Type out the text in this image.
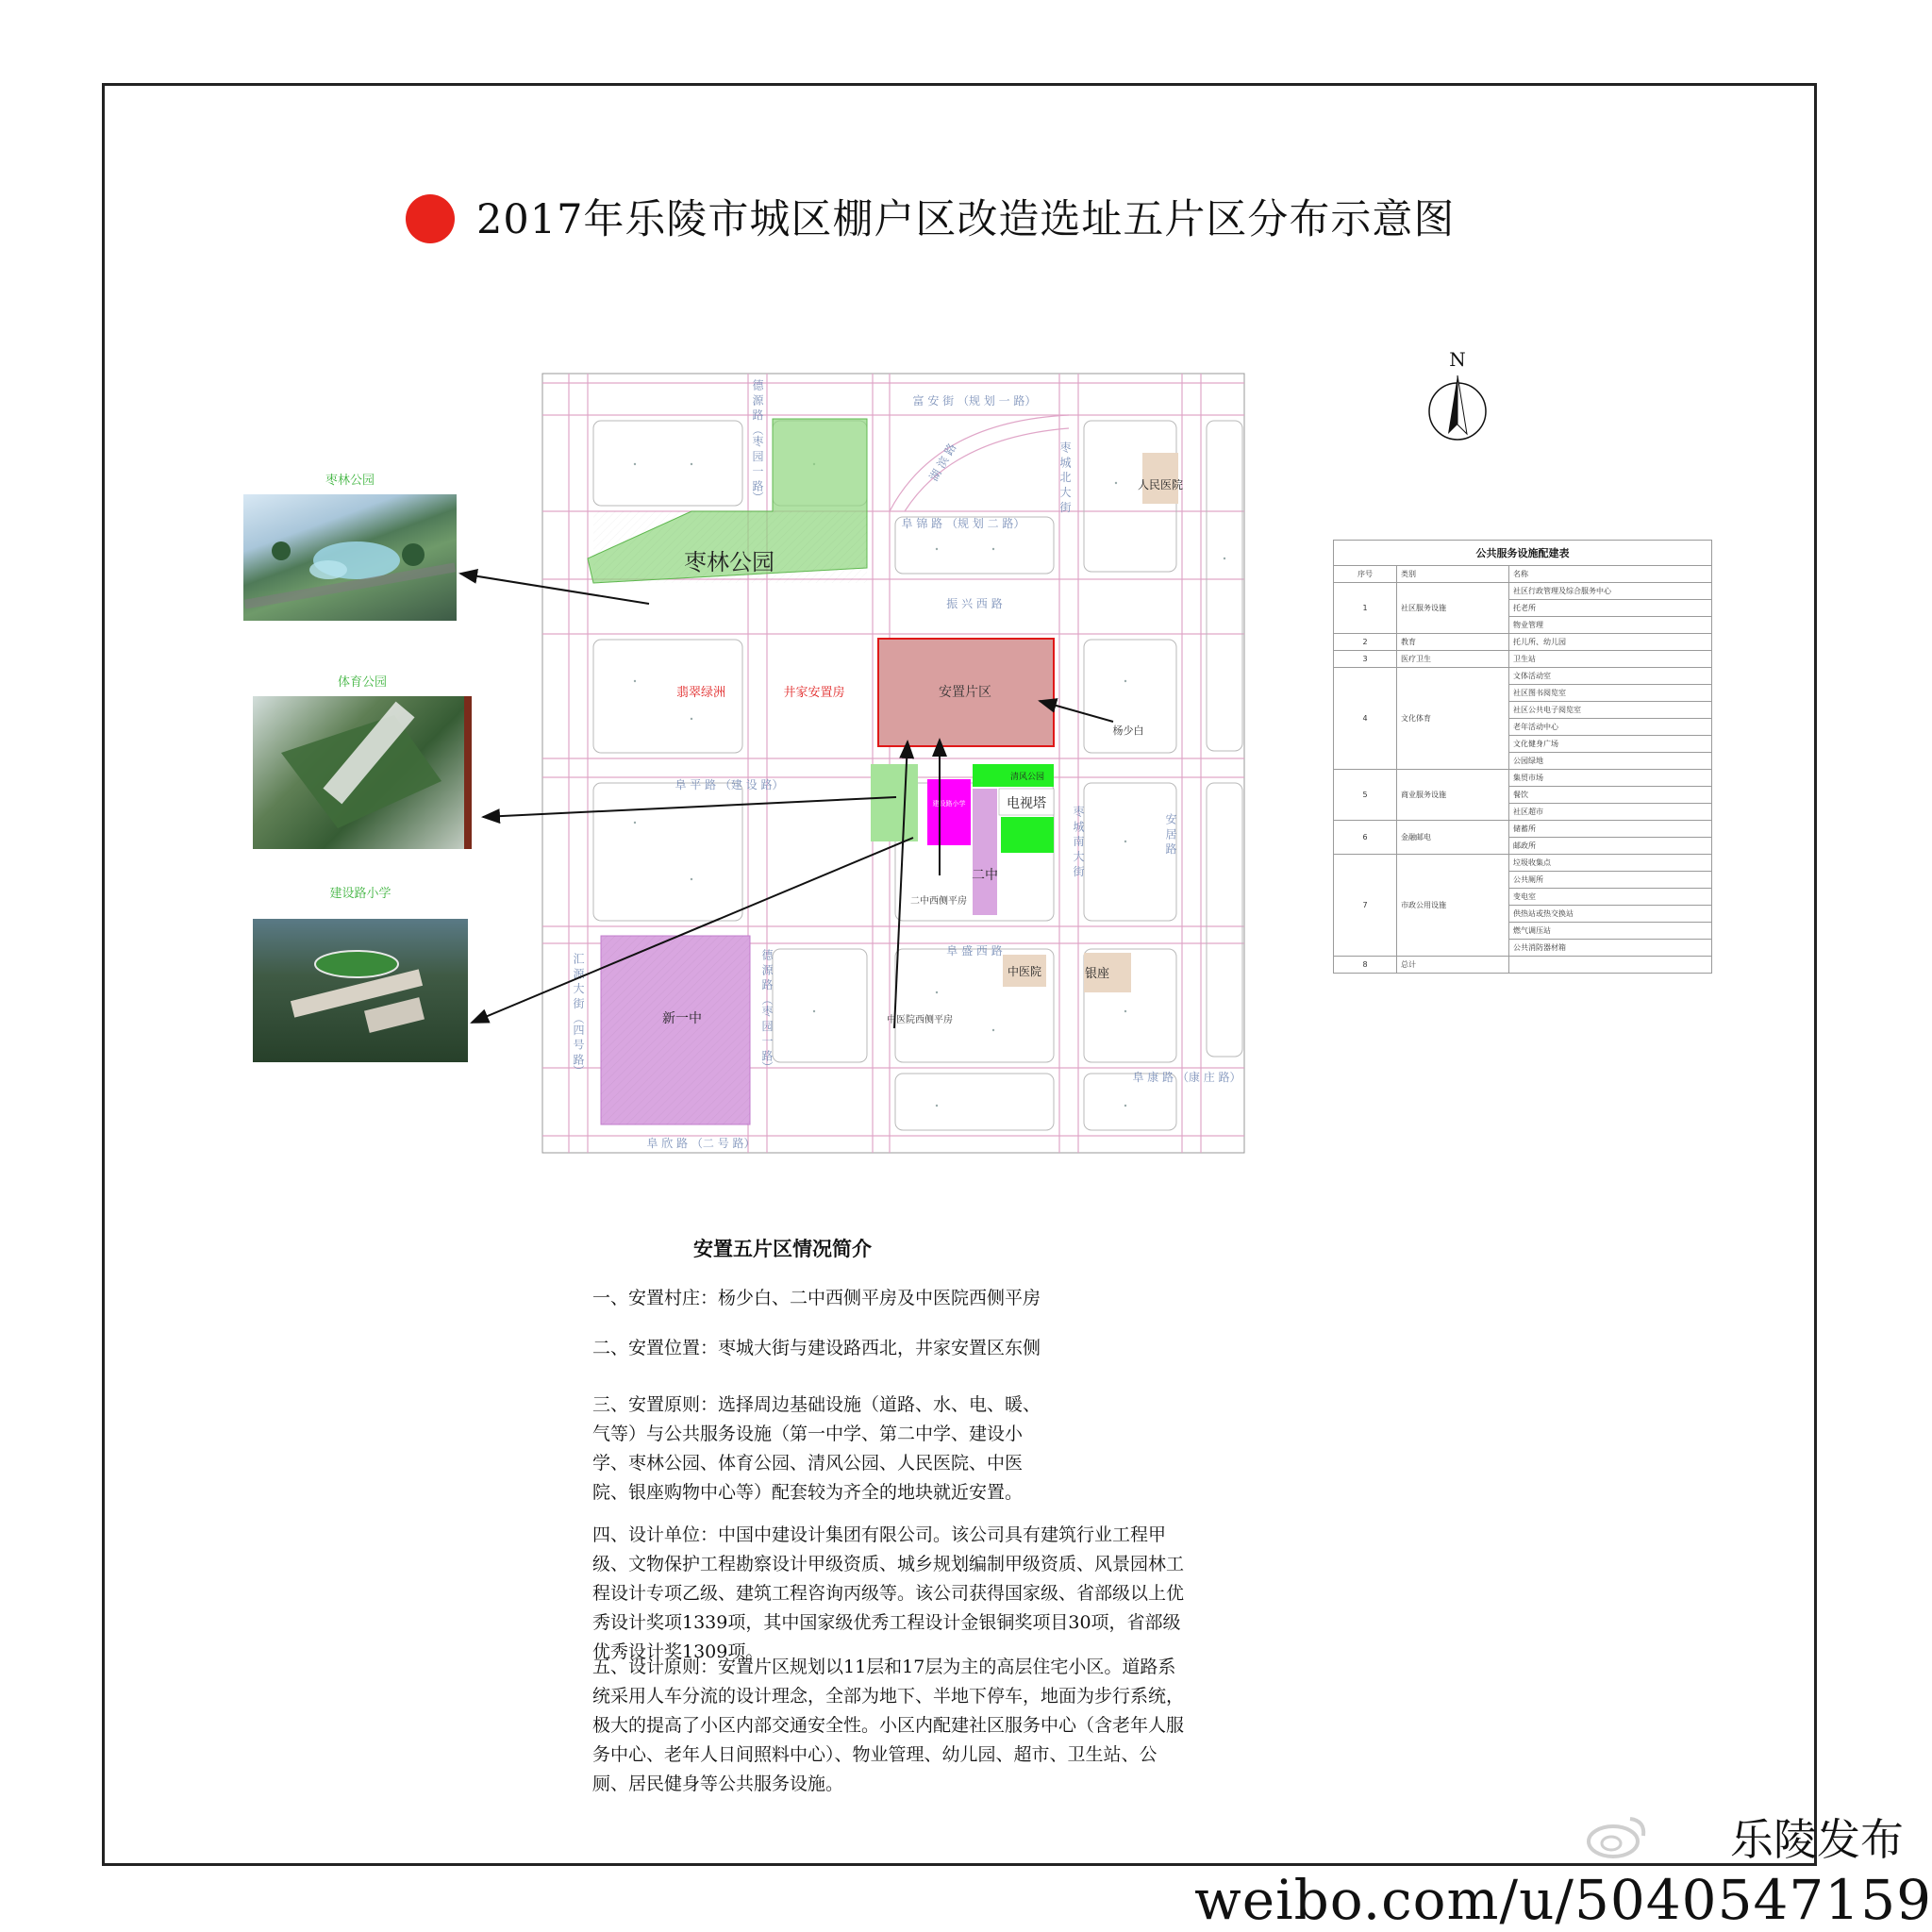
2017年乐陵市城区棚户区改造选址五片区分布示意图
枣林公园
安置片区
翡翠绿洲	井家安置房
杨少白
建设路小学
清风公园
电视塔
二中
二中西侧平房
新一中
人民医院
中医院	银座
中医院西侧平房
富 安 街 （规 划 一 路）
阜 锦 路 （规 划 二 路）
振 兴 西 路
阜 平 路 （建 设 路）
阜 盛 西 路
阜 康 路 （康 庄 路）
阜 欣 路 （二 号 路）
湖 滨 路	枣 城 北 大 街
枣 城 南 大 街	安 居 路
德 源 路 （枣 园 一 路）
德 源 路 （枣 园 一 路）
汇 源 大 街 （四 号 路）
枣林公园
体育公园
建设路小学
N
公共服务设施配建表		
序号	类别	名称
1	社区服务设施	社区行政管理及综合服务中心
		托老所
		物业管理
2	教育	托儿所、幼儿园
3	医疗卫生	卫生站
4	文化体育	文体活动室
		社区图书阅览室
		社区公共电子阅览室
		老年活动中心
		文化健身广场
		公园绿地
5	商业服务设施	集贸市场
		餐饮
		社区超市
6	金融邮电	储蓄所
		邮政所
7	市政公用设施	垃圾收集点
		公共厕所
		变电室
		供热站或热交换站
		燃气调压站
		公共消防器材箱
8	总计	
安置五片区情况简介
一、安置村庄：杨少白、二中西侧平房及中医院西侧平房
二、安置位置：枣城大街与建设路西北，井家安置区东侧
三、安置原则：选择周边基础设施（道路、水、电、暖、气等）与公共服务设施（第一中学、第二中学、建设小学、枣林公园、体育公园、清风公园、人民医院、中医院、银座购物中心等）配套较为齐全的地块就近安置。
四、设计单位：中国中建设计集团有限公司。该公司具有建筑行业工程甲级、文物保护工程勘察设计甲级资质、城乡规划编制甲级资质、风景园林工程设计专项乙级、建筑工程咨询丙级等。该公司获得国家级、省部级以上优秀设计奖项1339项，其中国家级优秀工程设计金银铜奖项目30项，省部级优秀设计奖1309项。
五、设计原则：安置片区规划以11层和17层为主的高层住宅小区。道路系统采用人车分流的设计理念，全部为地下、半地下停车，地面为步行系统，极大的提高了小区内部交通安全性。小区内配建社区服务中心（含老年人服务中心、老年人日间照料中心）、物业管理、幼儿园、超市、卫生站、公厕、居民健身等公共服务设施。
乐陵发布
weibo.com/u/5040547159
